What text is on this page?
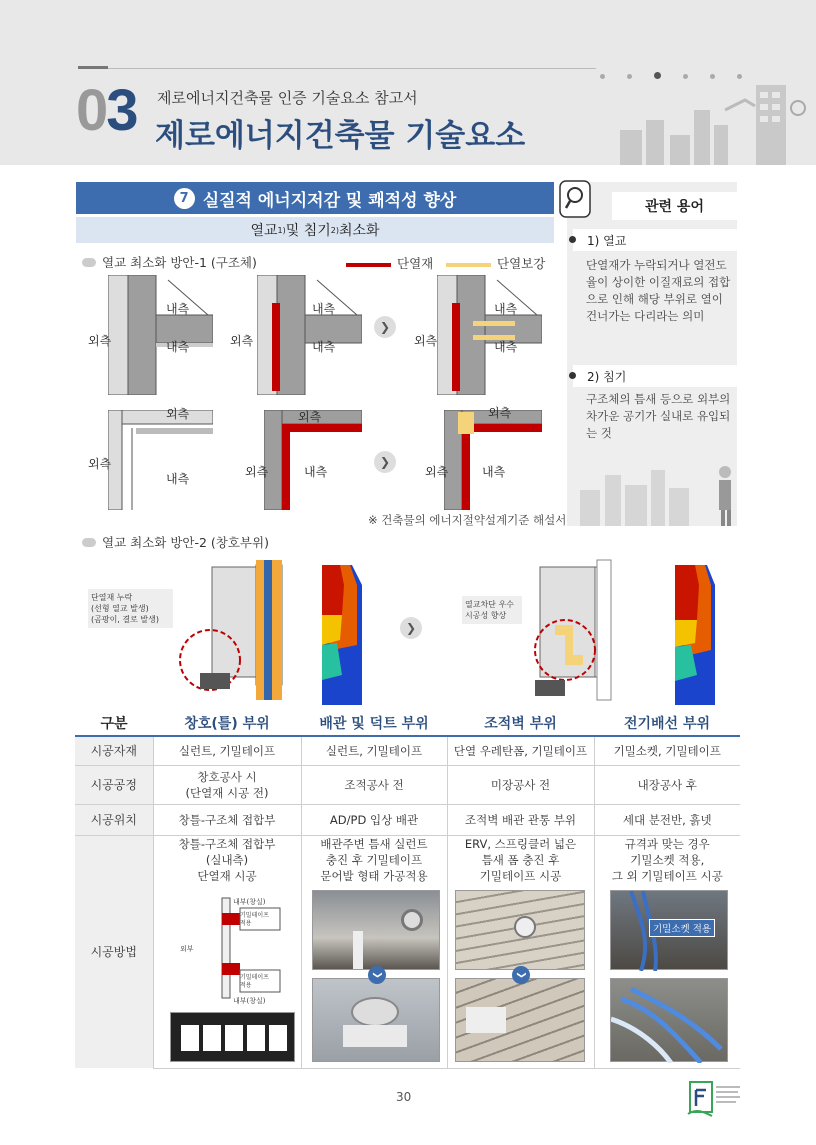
03 제로에너지건축물 인증 기술요소 참고서
제로에너지건축물 기술요소
7 실질적 에너지저감 및 쾌적성 향상
열교 1) 및 침기 2) 최소화
열교 최소화 방안-1 (구조체)	단열재	단열보강
내측
내측
외측
내측
내측
외측
내측
내측
외측
❯
외측
내측
외측
외측
내측
외측
외측
내측
외측
❯
※ 건축물의 에너지절약설계기준 해설서
관련 용어
1) 열교
단열재가 누락되거나 열전도율이 상이한 이질재료의 접합으로 인해 해당 부위로 열이 건너가는 다리라는 의미
2) 침기
구조체의 틈새 등으로 외부의 차가운 공기가 실내로 유입되는 것
열교 최소화 방안-2 (창호부위)
단열재 누락
(선형 열교 발생)
(곰팡이, 결로 발생)
❯
열교차단 우수
시공성 향상
구분	창호(틀) 부위	배관 및 덕트 부위	조적벽 부위	전기배선 부위
시공자재	실런트, 기밀테이프	실런트, 기밀테이프	단열 우레탄폼, 기밀테이프	기밀소켓, 기밀테이프
시공공정	창호공사 시
(단열재 시공 전)	조적공사 전	미장공사 전	내장공사 후
시공위치	창틀-구조체 접합부	AD/PD 입상 배관	조적벽 배관 관통 부위	세대 분전반, 흙넷
시공방법	창틀-구조체 접합부
(실내측)
단열재 시공	배관주변 틈새 실런트
충진 후 기밀테이프
문어발 형태 가공적용	ERV, 스프링클러 넓은
틈새 폼 충진 후
기밀테이프 시공	규격과 맞는 경우
기밀소켓 적용,
그 외 기밀테이프 시공

내부(창실)
기밀테이프
적용
외부
기밀테이프
적용
내부(창실)
❯	❯
기밀소켓 적용
30
